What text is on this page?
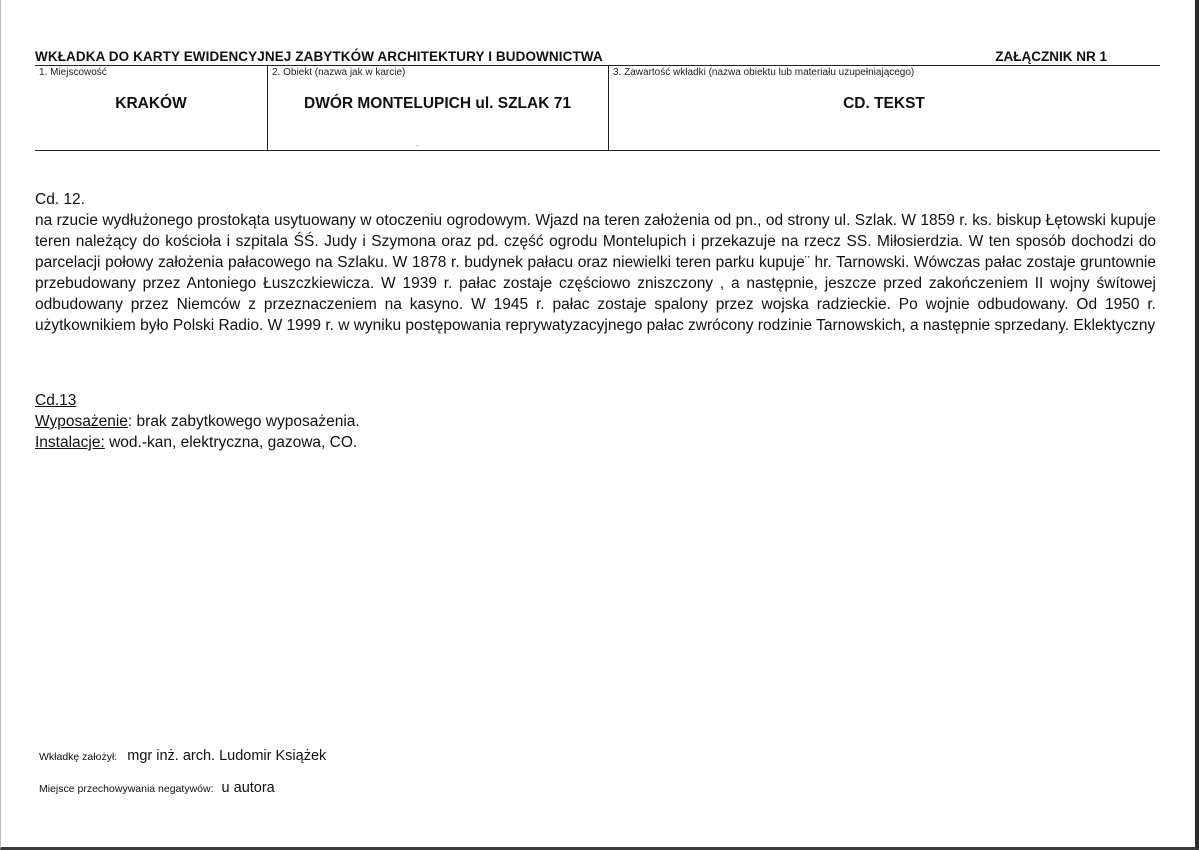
WKŁADKA DO KARTY EWIDENCYJNEJ ZABYTKÓW ARCHITEKTURY I BUDOWNICTWA	ZAŁĄCZNIK NR 1
1. Miejscowość
KRAKÓW
2. Obiekt (nazwa jak w karcie)
DWÓR MONTELUPICH ul. SZLAK 71
3. Zawartość wkładki (nazwa obiektu lub materiału uzupełniającego)
CD. TEKST
-
Cd. 12.
na rzucie wydłużonego prostokąta usytuowany w otoczeniu ogrodowym. Wjazd na teren założenia od pn., od strony ul. Szlak. W 1859 r. ks. biskup Łętowski kupuje teren należący do kościoła i szpitala ŚŚ. Judy i Szymona oraz pd. część ogrodu Montelupich i przekazuje na rzecz SS. Miłosierdzia. W ten sposób dochodzi do parcelacji połowy założenia pałacowego na Szlaku. W 1878 r. budynek pałacu oraz niewielki teren parku kupuje¨ hr. Tarnowski. Wówczas pałac zostaje gruntownie przebudowany przez Antoniego Łuszczkiewicza. W 1939 r. pałac zostaje częściowo zniszczony , a następnie, jeszcze przed zakończeniem II wojny śwítowej odbudowany przez Niemców z przeznaczeniem na kasyno. W 1945 r. pałac zostaje spalony przez wojska radzieckie. Po wojnie odbudowany. Od 1950 r. użytkownikiem było Polski Radio. W 1999 r. w wyniku postępowania reprywatyzacyjnego pałac zwrócony rodzinie Tarnowskich, a następnie sprzedany. Eklektyczny
Cd.13
Wyposażenie: brak zabytkowego wyposażenia.
Instalacje: wod.-kan, elektryczna, gazowa, CO.
Wkładkę założył: mgr inż. arch. Ludomir Książek
Miejsce przechowywania negatywów: u autora
